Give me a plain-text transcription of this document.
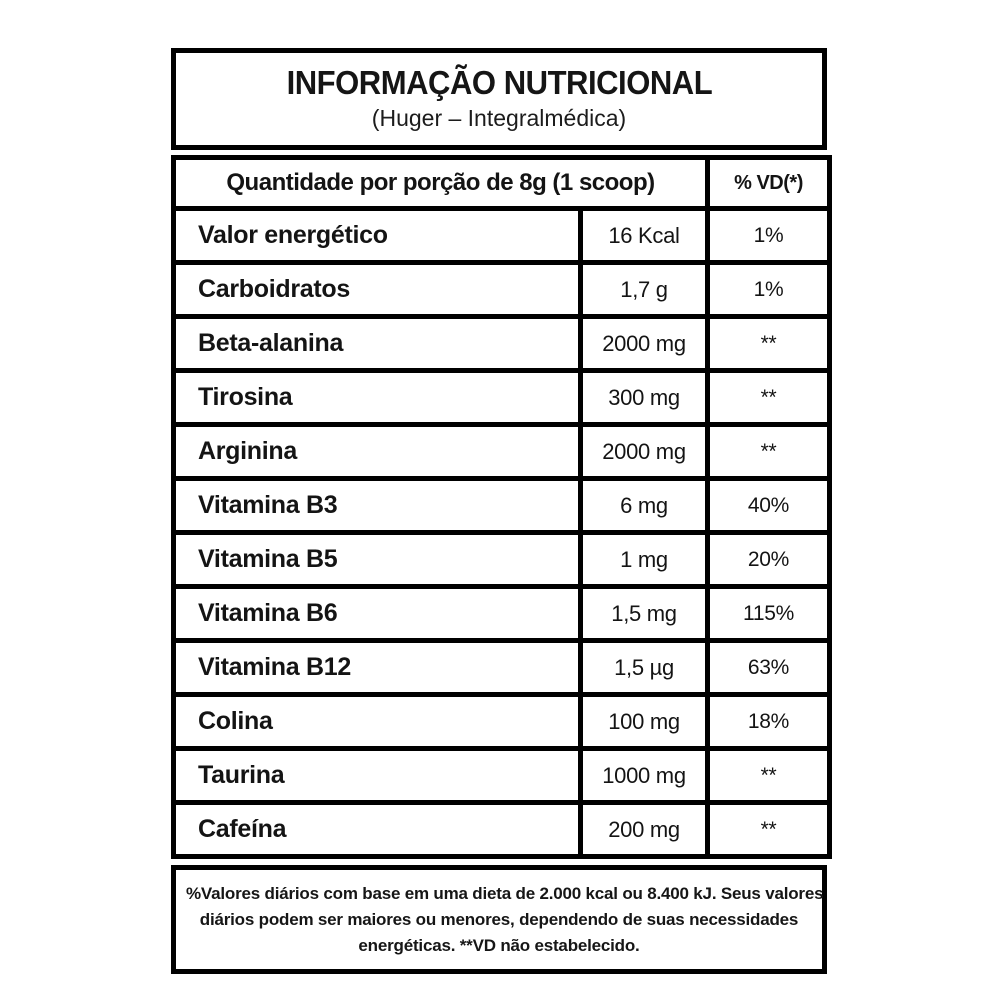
INFORMAÇÃO NUTRICIONAL
(Huger – Integralmédica)
Quantidade por porção de 8g (1 scoop)		% VD(*)
Valor energético	16 Kcal	1%
Carboidratos	1,7 g	1%
Beta-alanina	2000 mg	**
Tirosina	300 mg	**
Arginina	2000 mg	**
Vitamina B3	6 mg	40%
Vitamina B5	1 mg	20%
Vitamina B6	1,5 mg	115%
Vitamina B12	1,5 µg	63%
Colina	100 mg	18%
Taurina	1000 mg	**
Cafeína	200 mg	**
%Valores diários com base em uma dieta de 2.000 kcal ou 8.400 kJ. Seus valores
diários podem ser maiores ou menores, dependendo de suas necessidades
energéticas. **VD não estabelecido.
